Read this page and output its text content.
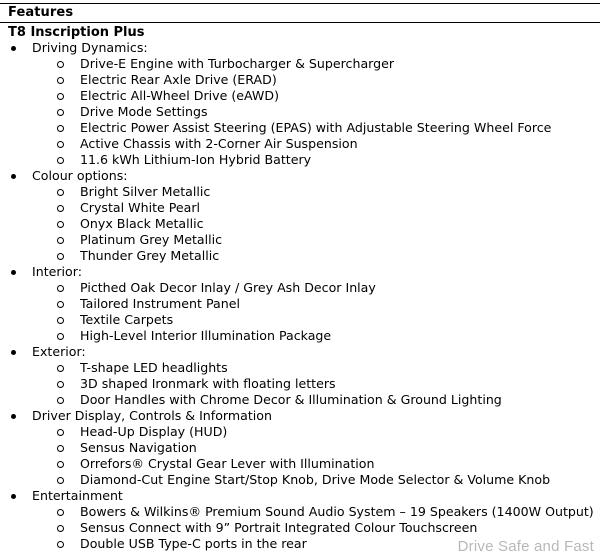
Features
T8 Inscription Plus
Driving Dynamics:
Drive-E Engine with Turbocharger & Supercharger
Electric Rear Axle Drive (ERAD)
Electric All-Wheel Drive (eAWD)
Drive Mode Settings
Electric Power Assist Steering (EPAS) with Adjustable Steering Wheel Force
Active Chassis with 2-Corner Air Suspension
11.6 kWh Lithium-Ion Hybrid Battery
Colour options:
Bright Silver Metallic
Crystal White Pearl
Onyx Black Metallic
Platinum Grey Metallic
Thunder Grey Metallic
Interior:
Picthed Oak Decor Inlay / Grey Ash Decor Inlay
Tailored Instrument Panel
Textile Carpets
High-Level Interior Illumination Package
Exterior:
T-shape LED headlights
3D shaped Ironmark with floating letters
Door Handles with Chrome Decor & Illumination & Ground Lighting
Driver Display, Controls & Information
Head-Up Display (HUD)
Sensus Navigation
Orrefors® Crystal Gear Lever with Illumination
Diamond-Cut Engine Start/Stop Knob, Drive Mode Selector & Volume Knob
Entertainment
Bowers & Wilkins® Premium Sound Audio System – 19 Speakers (1400W Output)
Sensus Connect with 9” Portrait Integrated Colour Touchscreen
Double USB Type-C ports in the rear	Drive Safe and Fast
